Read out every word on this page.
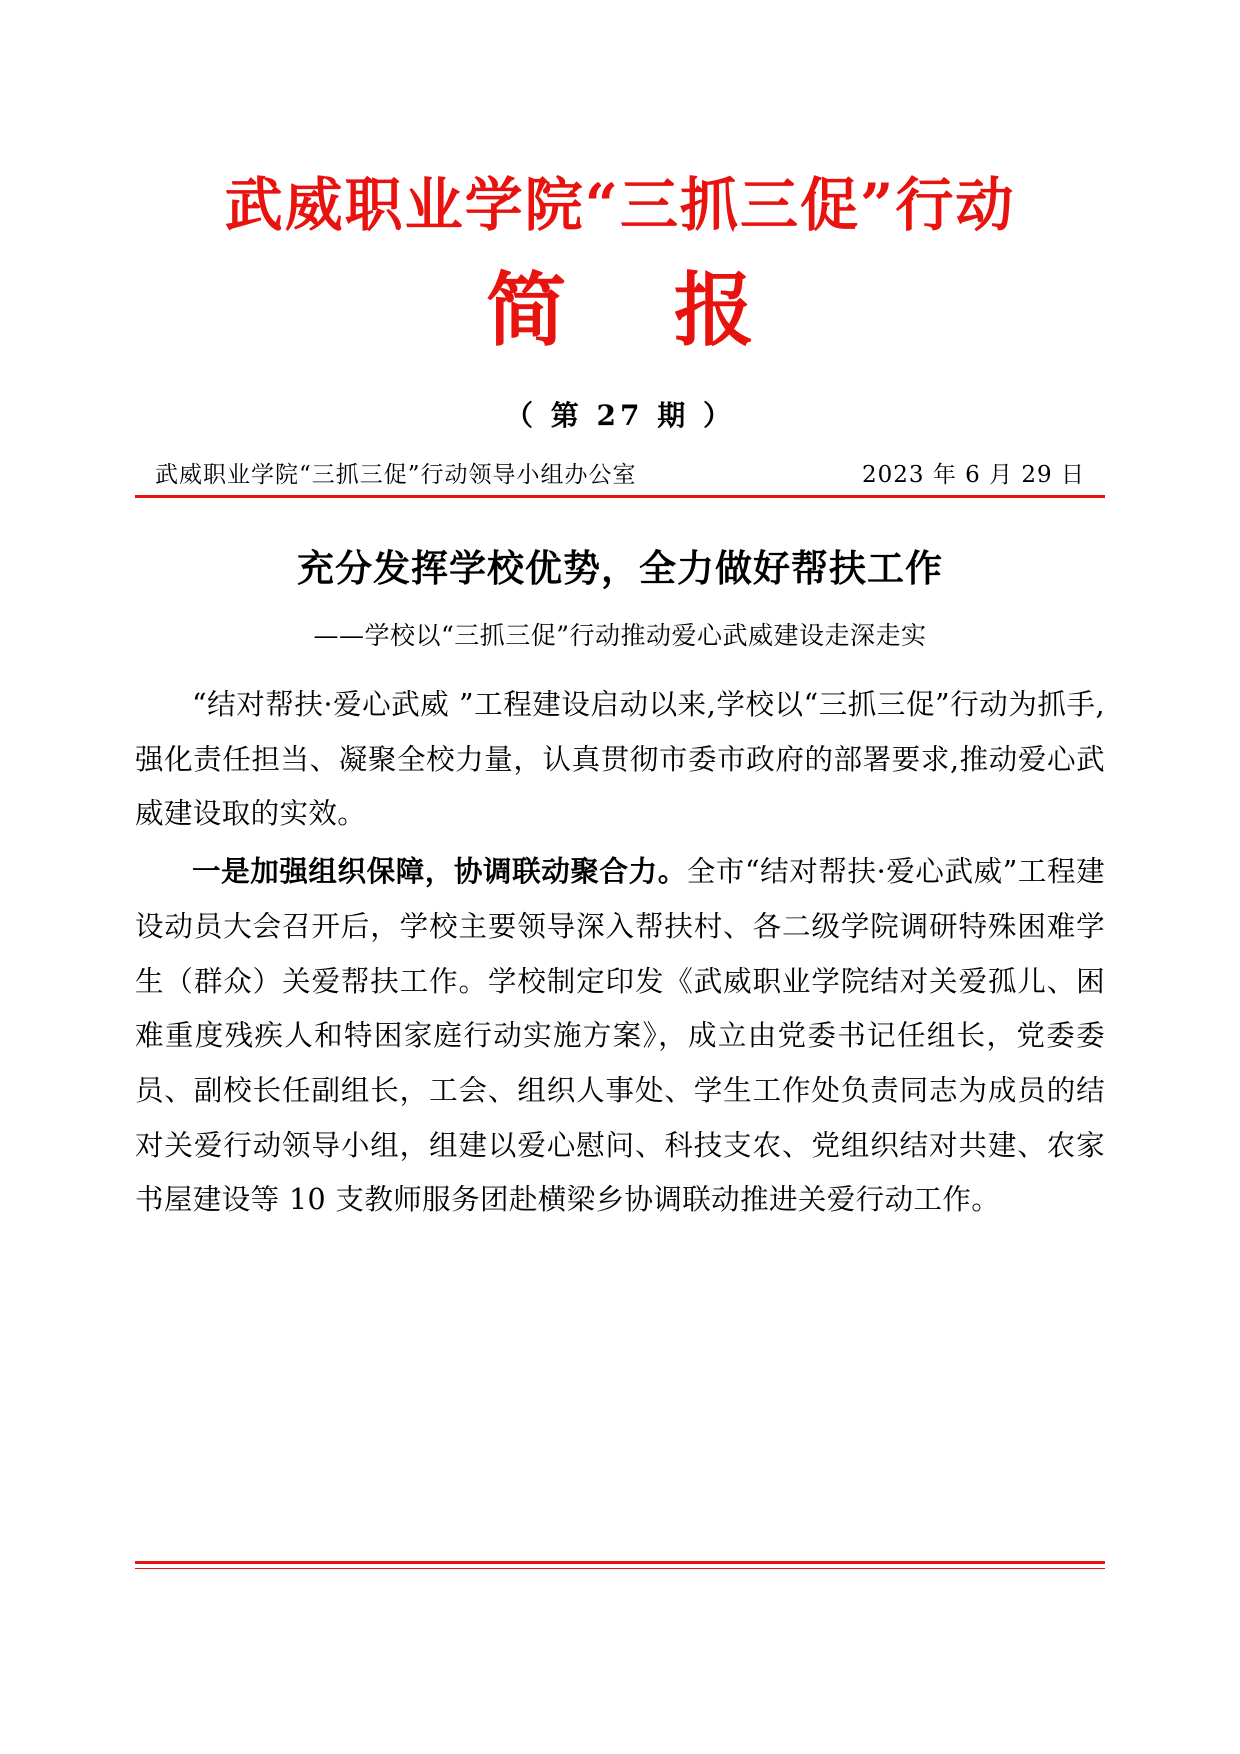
武威职业学院“三抓三促”行动
简 报
（ 第 27 期 ）
武威职业学院“三抓三促”行动领导小组办公室	2023 年 6 月 29 日
充分发挥学校优势，全力做好帮扶工作
——学校以“三抓三促”行动推动爱心武威建设走深走实

“结对帮扶·爱心武威 ”工程建设启动以来,学校以“三抓三促”行动为抓手,强化责任担当、凝聚全校力量，认真贯彻市委市政府的部署要求,推动爱心武威建设取的实效。

一是加强组织保障，协调联动聚合力。全市“结对帮扶·爱心武威”工程建设动员大会召开后，学校主要领导深入帮扶村、各二级学院调研特殊困难学生（群众）关爱帮扶工作。学校制定印发《武威职业学院结对关爱孤儿、困难重度残疾人和特困家庭行动实施方案》，成立由党委书记任组长，党委委员、副校长任副组长，工会、组织人事处、学生工作处负责同志为成员的结对关爱行动领导小组，组建以爱心慰问、科技支农、党组织结对共建、农家书屋建设等 10 支教师服务团赴横梁乡协调联动推进关爱行动工作。
